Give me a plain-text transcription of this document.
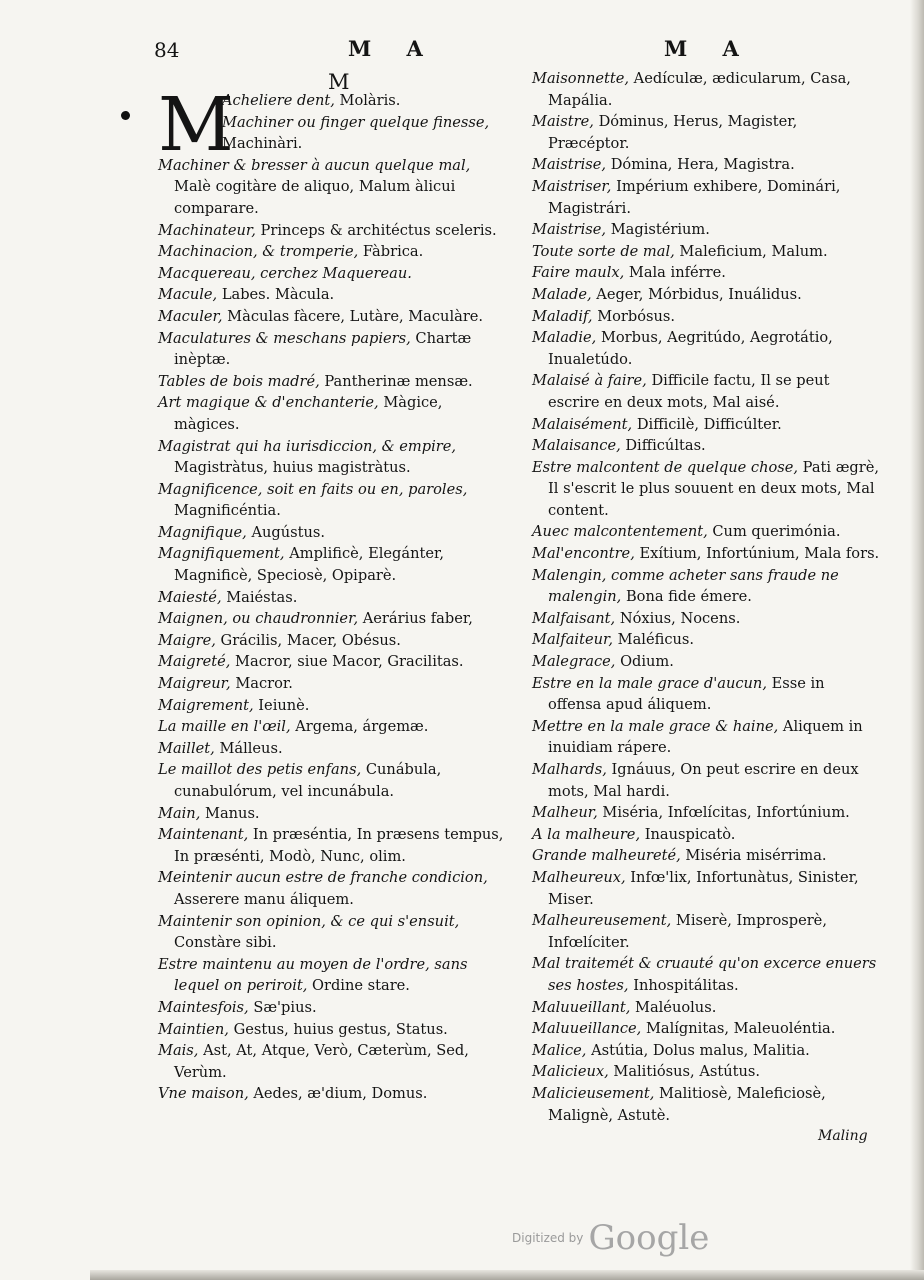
84	M A	M A
M
M

Acheliere dent, Molàris.

Machiner ou finger quelque finesse, Machinàri.

Machiner & bresser à aucun quelque mal, Malè cogitàre de aliquo, Malum àlicui comparare.

Machinateur, Princeps & architéctus sceleris.

Machinacion, & tromperie, Fàbrica.

Macquereau, cerchez Maquereau.

Macule, Labes. Màcula.

Maculer, Màculas fàcere, Lutàre, Maculàre.

Maculatures & meschans papiers, Chartæ inèptæ.

Tables de bois madré, Pantherinæ mensæ.

Art magique & d'enchanterie, Màgice, màgices.

Magistrat qui ha iurisdiccion, & empire, Magistràtus, huius magistràtus.

Magnificence, soit en faits ou en, paroles, Magnificéntia.

Magnifique, Augústus.

Magnifiquement, Amplificè, Elegánter, Magnificè, Speciosè, Opiparè.

Maiesté, Maiéstas.

Maignen, ou chaudronnier, Aerárius faber,

Maigre, Grácilis, Macer, Obésus.

Maigreté, Macror, siue Macor, Gracilitas.

Maigreur, Macror.

Maigrement, Ieiunè.

La maille en l'œil, Argema, árgemæ.

Maillet, Málleus.

Le maillot des petis enfans, Cunábula, cunabulórum, vel incunábula.

Main, Manus.

Maintenant, In præséntia, In præsens tempus, In præsénti, Modò, Nunc, olim.

Meintenir aucun estre de franche condicion, Asserere manu áliquem.

Maintenir son opinion, & ce qui s'ensuit, Constàre sibi.

Estre maintenu au moyen de l'ordre, sans lequel on periroit, Ordine stare.

Maintesfois, Sæ'pius.

Maintien, Gestus, huius gestus, Status.

Mais, Ast, At, Atque, Verò, Cæterùm, Sed, Verùm.

Vne maison, Aedes, æ'dium, Domus.

Maisonnette, Aedículæ, ædicularum, Casa, Mapália.

Maistre, Dóminus, Herus, Magister, Præcéptor.

Maistrise, Dómina, Hera, Magistra.

Maistriser, Impérium exhibere, Dominári, Magistrári.

Maistrise, Magistérium.

Toute sorte de mal, Maleficium, Malum.

Faire maulx, Mala inférre.

Malade, Aeger, Mórbidus, Inuálidus.

Maladif, Morbósus.

Maladie, Morbus, Aegritúdo, Aegrotátio, Inualetúdo.

Malaisé à faire, Difficile factu, Il se peut escrire en deux mots, Mal aisé.

Malaisément, Difficilè, Difficúlter.

Malaisance, Difficúltas.

Estre malcontent de quelque chose, Pati ægrè, Il s'escrit le plus souuent en deux mots, Mal content.

Auec malcontentement, Cum querimónia.

Mal'encontre, Exítium, Infortúnium, Mala fors.

Malengin, comme acheter sans fraude ne malengin, Bona fide émere.

Malfaisant, Nóxius, Nocens.

Malfaiteur, Maléficus.

Malegrace, Odium.

Estre en la male grace d'aucun, Esse in offensa apud áliquem.

Mettre en la male grace & haine, Aliquem in inuidiam rápere.

Malhards, Ignáuus, On peut escrire en deux mots, Mal hardi.

Malheur, Miséria, Infœlícitas, Infortúnium.

A la malheure, Inauspicatò.

Grande malheureté, Miséria misérrima.

Malheureux, Infœ'lix, Infortunàtus, Sinister, Miser.

Malheureusement, Miserè, Improsperè, Infœlíciter.

Mal traitemét & cruauté qu'on excerce enuers ses hostes, Inhospitálitas.

Maluueillant, Maléuolus.

Maluueillance, Malígnitas, Maleuoléntia.

Malice, Astútia, Dolus malus, Malitia.

Malicieux, Malitiósus, Astútus.

Malicieusement, Malitiosè, Maleficiosè, Malignè, Astutè.

Maling
Digitized by Google
